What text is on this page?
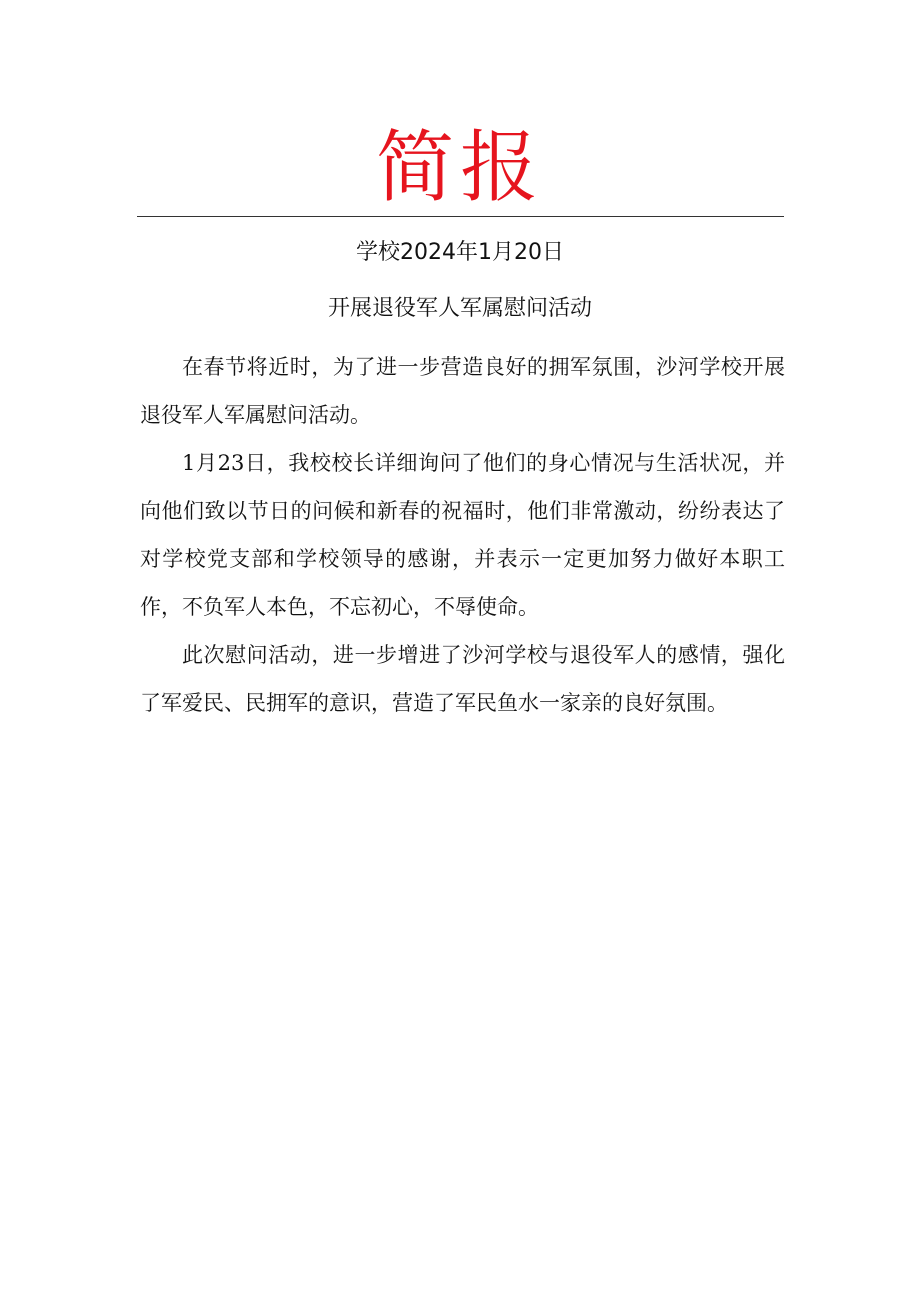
简报
学校2024年1月20日
开展退役军人军属慰问活动

在春节将近时，为了进一步营造良好的拥军氛围，沙河学校开展退役军人军属慰问活动。

1月23日，我校校长详细询问了他们的身心情况与生活状况，并向他们致以节日的问候和新春的祝福时，他们非常激动，纷纷表达了对学校党支部和学校领导的感谢，并表示一定更加努力做好本职工作，不负军人本色，不忘初心，不辱使命。

此次慰问活动，进一步增进了沙河学校与退役军人的感情，强化了军爱民、民拥军的意识，营造了军民鱼水一家亲的良好氛围。
